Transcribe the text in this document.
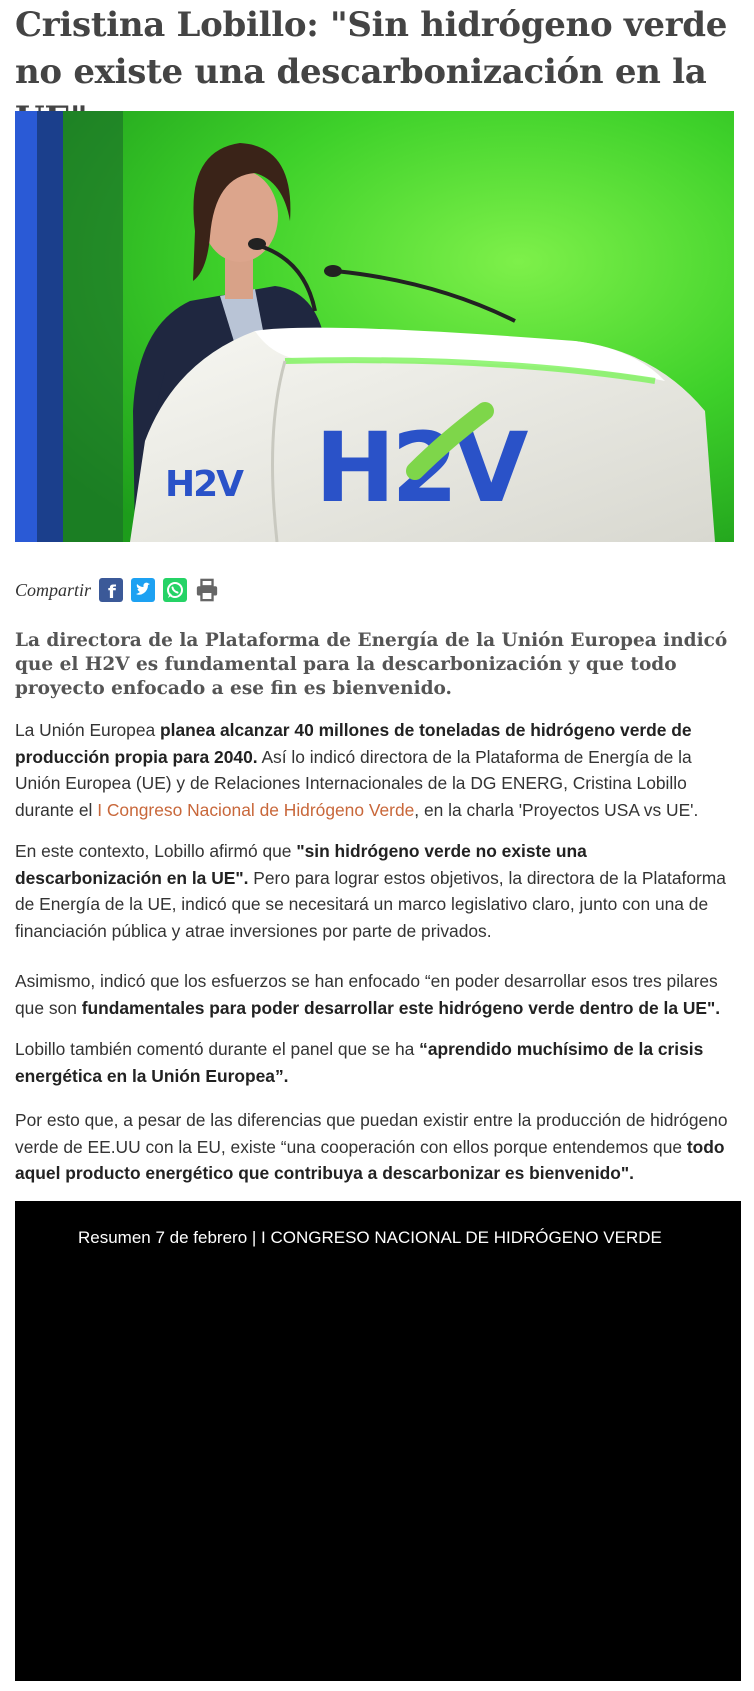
Cristina Lobillo: "Sin hidrógeno verde no existe una descarbonización en la
H2V
H2V
Compartir f

La directora de la Plataforma de Energía de la Unión Europea indicó que el H2V es fundamental para la descarbonización y que todo proyecto enfocado a ese fin es bienvenido.

La Unión Europea planea alcanzar 40 millones de toneladas de hidrógeno verde de producción propia para 2040. Así lo indicó directora de la Plataforma de Energía de la Unión Europea (UE) y de Relaciones Internacionales de la DG ENERG, Cristina Lobillo durante el I Congreso Nacional de Hidrógeno Verde, en la charla 'Proyectos USA vs UE'.

En este contexto, Lobillo afirmó que "sin hidrógeno verde no existe una descarbonización en la UE". Pero para lograr estos objetivos, la directora de la Plataforma de Energía de la UE, indicó que se necesitará un marco legislativo claro, junto con una de financiación pública y atrae inversiones por parte de privados.

Asimismo, indicó que los esfuerzos se han enfocado “en poder desarrollar esos tres pilares que son fundamentales para poder desarrollar este hidrógeno verde dentro de la UE".

Lobillo también comentó durante el panel que se ha “aprendido muchísimo de la crisis energética en la Unión Europea”.

Por esto que, a pesar de las diferencias que puedan existir entre la producción de hidrógeno verde de EE.UU con la EU, existe “una cooperación con ellos porque entendemos que todo aquel producto energético que contribuya a descarbonizar es bienvenido".

Resumen 7 de febrero | I CONGRESO NACIONAL DE HIDRÓGENO VERDE
